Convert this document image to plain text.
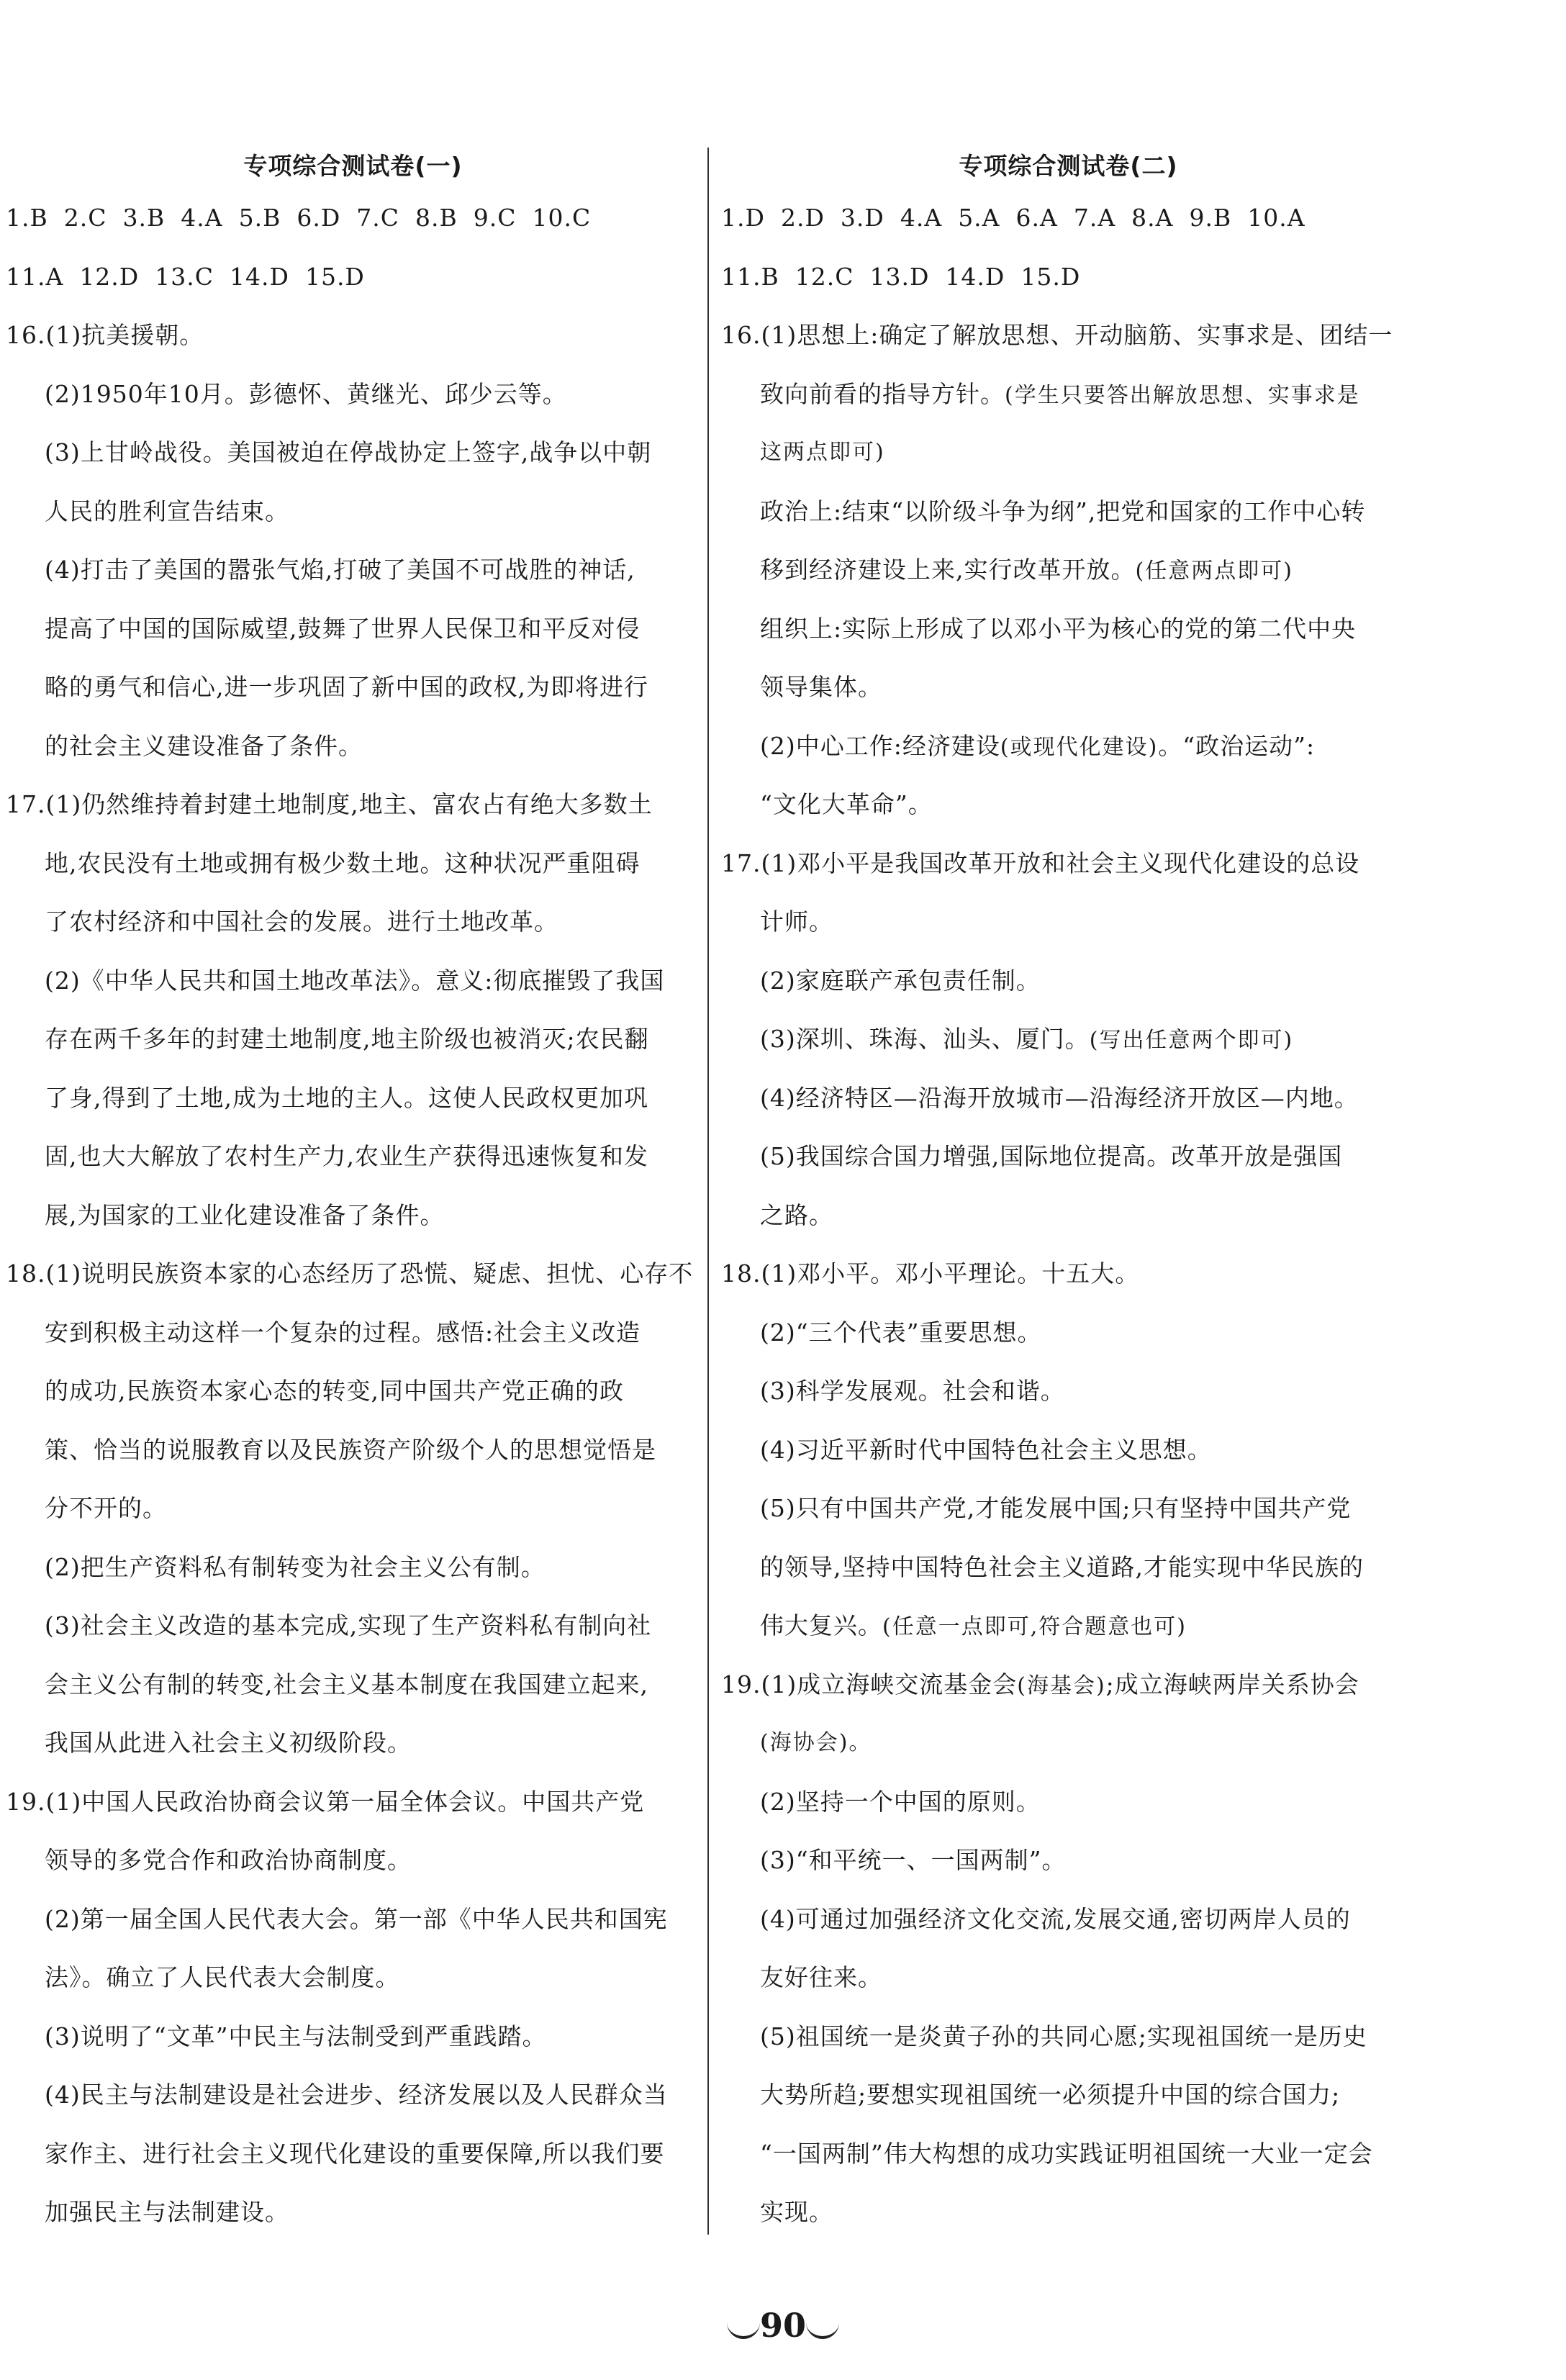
专项综合测试卷(一)
1.B 2.C 3.B 4.A 5.B 6.D 7.C 8.B 9.C 10.C
11.A 12.D 13.C 14.D 15.D
16.(1)抗美援朝。
(2)1950年10月。彭德怀、黄继光、邱少云等。
(3)上甘岭战役。美国被迫在停战协定上签字,战争以中朝
人民的胜利宣告结束。
(4)打击了美国的嚣张气焰,打破了美国不可战胜的神话,
提高了中国的国际威望,鼓舞了世界人民保卫和平反对侵
略的勇气和信心,进一步巩固了新中国的政权,为即将进行
的社会主义建设准备了条件。
17.(1)仍然维持着封建土地制度,地主、富农占有绝大多数土
地,农民没有土地或拥有极少数土地。这种状况严重阻碍
了农村经济和中国社会的发展。进行土地改革。
(2)《中华人民共和国土地改革法》。意义:彻底摧毁了我国
存在两千多年的封建土地制度,地主阶级也被消灭;农民翻
了身,得到了土地,成为土地的主人。这使人民政权更加巩
固,也大大解放了农村生产力,农业生产获得迅速恢复和发
展,为国家的工业化建设准备了条件。
18.(1)说明民族资本家的心态经历了恐慌、疑虑、担忧、心存不
安到积极主动这样一个复杂的过程。感悟:社会主义改造
的成功,民族资本家心态的转变,同中国共产党正确的政
策、恰当的说服教育以及民族资产阶级个人的思想觉悟是
分不开的。
(2)把生产资料私有制转变为社会主义公有制。
(3)社会主义改造的基本完成,实现了生产资料私有制向社
会主义公有制的转变,社会主义基本制度在我国建立起来,
我国从此进入社会主义初级阶段。
19.(1)中国人民政治协商会议第一届全体会议。中国共产党
领导的多党合作和政治协商制度。
(2)第一届全国人民代表大会。第一部《中华人民共和国宪
法》。确立了人民代表大会制度。
(3)说明了“文革”中民主与法制受到严重践踏。
(4)民主与法制建设是社会进步、经济发展以及人民群众当
家作主、进行社会主义现代化建设的重要保障,所以我们要
加强民主与法制建设。
专项综合测试卷(二)
1.D 2.D 3.D 4.A 5.A 6.A 7.A 8.A 9.B 10.A
11.B 12.C 13.D 14.D 15.D
16.(1)思想上:确定了解放思想、开动脑筋、实事求是、团结一
致向前看的指导方针。(学生只要答出解放思想、实事求是
这两点即可)
政治上:结束“以阶级斗争为纲”,把党和国家的工作中心转
移到经济建设上来,实行改革开放。(任意两点即可)
组织上:实际上形成了以邓小平为核心的党的第二代中央
领导集体。
(2)中心工作:经济建设(或现代化建设)。“政治运动”:
“文化大革命”。
17.(1)邓小平是我国改革开放和社会主义现代化建设的总设
计师。
(2)家庭联产承包责任制。
(3)深圳、珠海、汕头、厦门。(写出任意两个即可)
(4)经济特区—沿海开放城市—沿海经济开放区—内地。
(5)我国综合国力增强,国际地位提高。改革开放是强国
之路。
18.(1)邓小平。邓小平理论。十五大。
(2)“三个代表”重要思想。
(3)科学发展观。社会和谐。
(4)习近平新时代中国特色社会主义思想。
(5)只有中国共产党,才能发展中国;只有坚持中国共产党
的领导,坚持中国特色社会主义道路,才能实现中华民族的
伟大复兴。(任意一点即可,符合题意也可)
19.(1)成立海峡交流基金会(海基会);成立海峡两岸关系协会
(海协会)。
(2)坚持一个中国的原则。
(3)“和平统一、一国两制”。
(4)可通过加强经济文化交流,发展交通,密切两岸人员的
友好往来。
(5)祖国统一是炎黄子孙的共同心愿;实现祖国统一是历史
大势所趋;要想实现祖国统一必须提升中国的综合国力;
“一国两制”伟大构想的成功实践证明祖国统一大业一定会
实现。
90
